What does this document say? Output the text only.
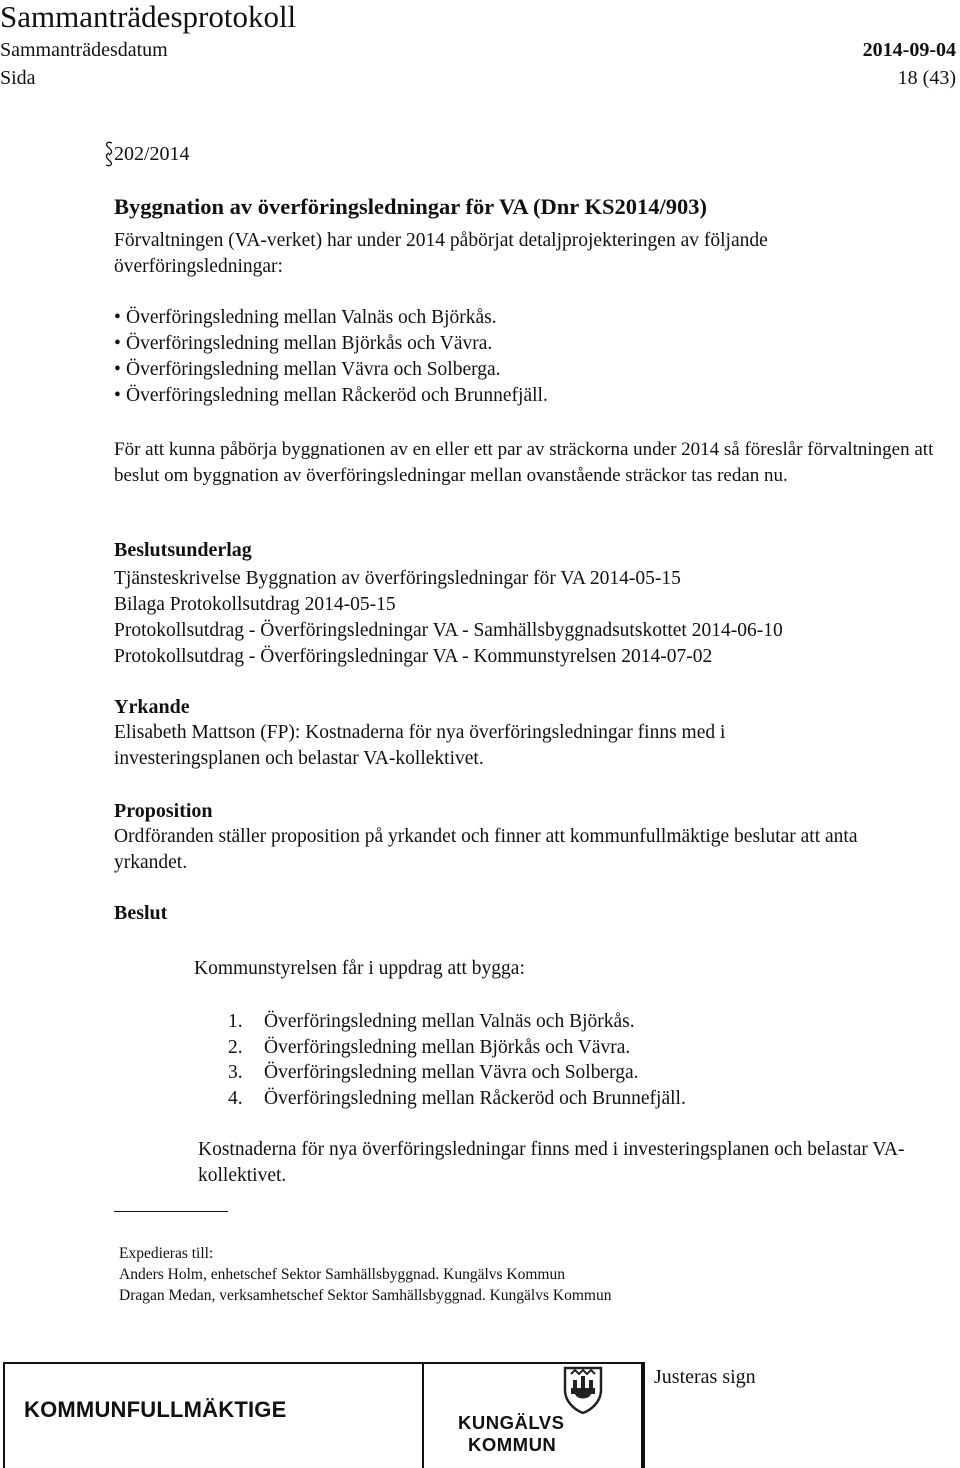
Sammanträdesprotokoll
Sammanträdesdatum	2014-09-04
Sida	18 (43)
202/2014
Byggnation av överföringsledningar för VA (Dnr KS2014/903)
Förvaltningen (VA-verket) har under 2014 påbörjat detaljprojekteringen av följande överföringsledningar:
• Överföringsledning mellan Valnäs och Björkås.
• Överföringsledning mellan Björkås och Vävra.
• Överföringsledning mellan Vävra och Solberga.
• Överföringsledning mellan Råckeröd och Brunnefjäll.
För att kunna påbörja byggnationen av en eller ett par av sträckorna under 2014 så föreslår förvaltningen att beslut om byggnation av överföringsledningar mellan ovanstående sträckor tas redan nu.
Beslutsunderlag
Tjänsteskrivelse Byggnation av överföringsledningar för VA 2014-05-15
Bilaga Protokollsutdrag 2014-05-15
Protokollsutdrag - Överföringsledningar VA - Samhällsbyggnadsutskottet 2014-06-10
Protokollsutdrag - Överföringsledningar VA - Kommunstyrelsen 2014-07-02
Yrkande
Elisabeth Mattson (FP): Kostnaderna för nya överföringsledningar finns med i investeringsplanen och belastar VA-kollektivet.
Proposition
Ordföranden ställer proposition på yrkandet och finner att kommunfullmäktige beslutar att anta yrkandet.
Beslut
Kommunstyrelsen får i uppdrag att bygga:
1. Överföringsledning mellan Valnäs och Björkås.
2. Överföringsledning mellan Björkås och Vävra.
3. Överföringsledning mellan Vävra och Solberga.
4. Överföringsledning mellan Råckeröd och Brunnefjäll.
Kostnaderna för nya överföringsledningar finns med i investeringsplanen och belastar VA-kollektivet.
Expedieras till:
Anders Holm, enhetschef Sektor Samhällsbyggnad. Kungälvs Kommun
Dragan Medan, verksamhetschef Sektor Samhällsbyggnad. Kungälvs Kommun
KOMMUNFULLMÄKTIGE
KUNGÄLVS
KOMMUN
Justeras sign
